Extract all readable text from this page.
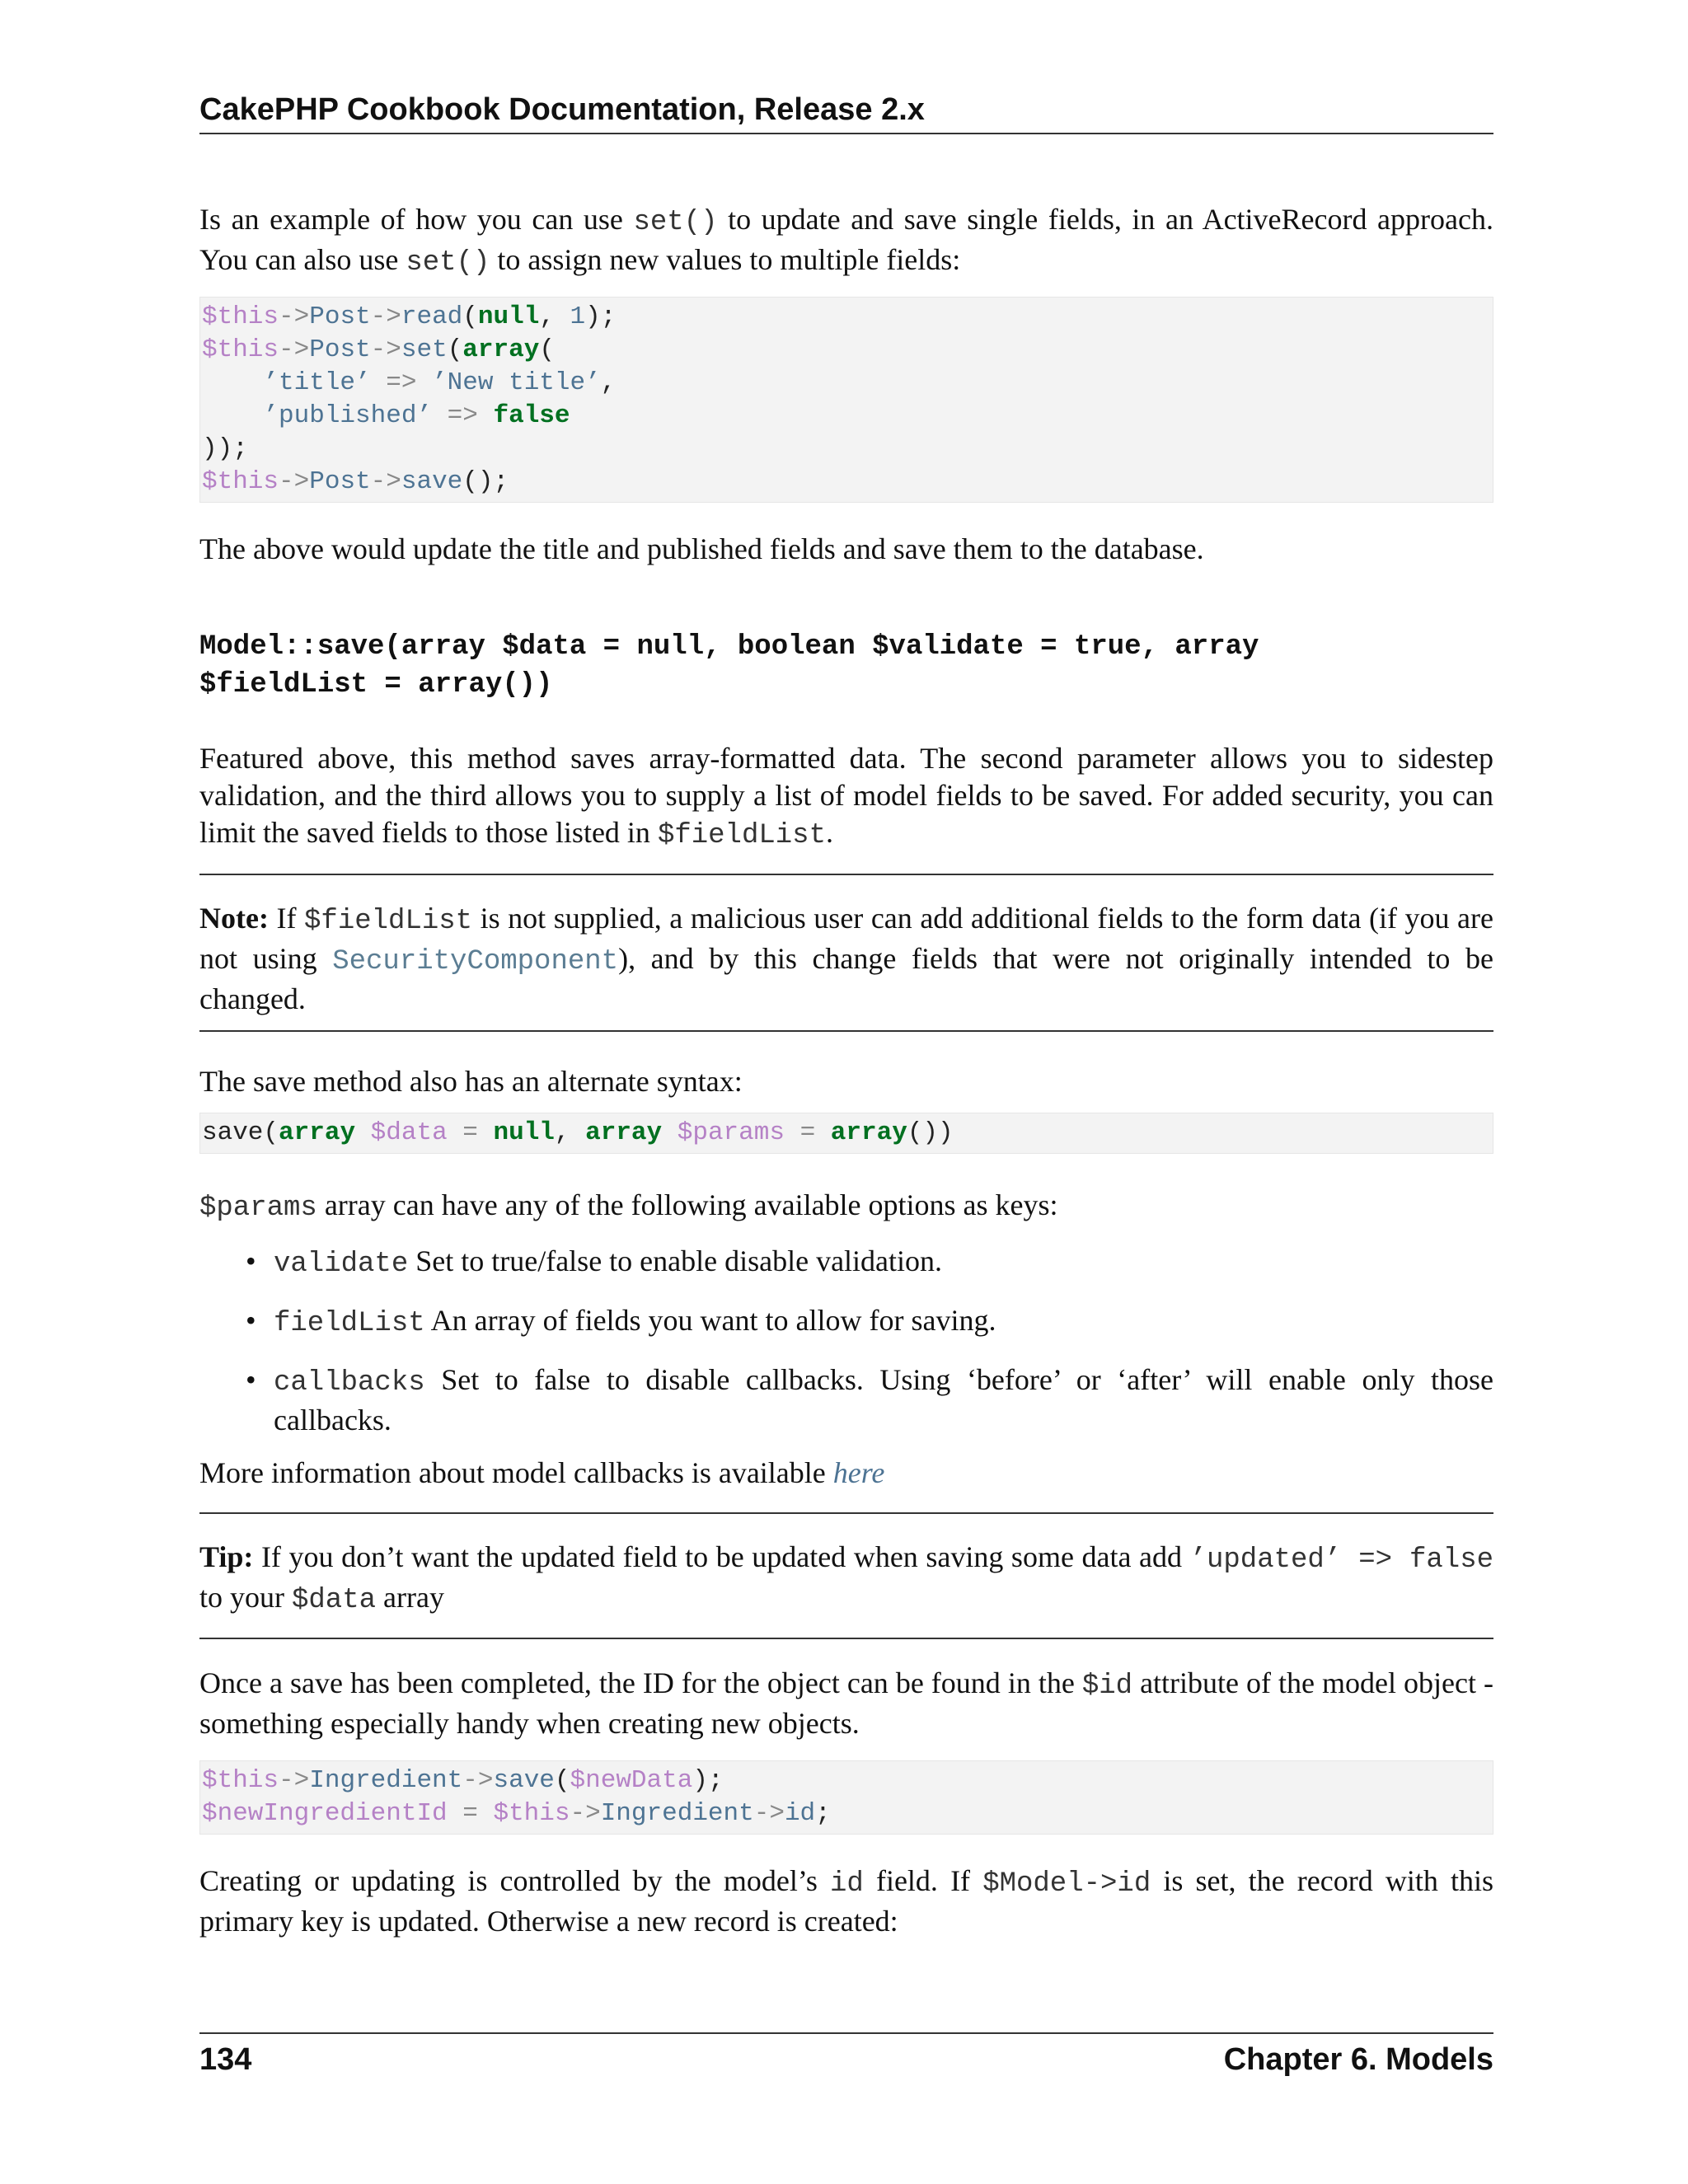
CakePHP Cookbook Documentation, Release 2.x

Is an example of how you can use set() to update and save single fields, in an ActiveRecord approach. You can also use set() to assign new values to multiple fields:

$this->Post->read(null, 1);
$this->Post->set(array(
’title’ => ’New title’,
’published’ => false
));
$this->Post->save();

The above would update the title and published fields and save them to the database.

Model::save(array $data = null, boolean $validate = true, array
$fieldList = array())

Featured above, this method saves array-formatted data. The second parameter allows you to sidestep validation, and the third allows you to supply a list of model fields to be saved. For added security, you can limit the saved fields to those listed in $fieldList.

Note: If $fieldList is not supplied, a malicious user can add additional fields to the form data (if you are not using SecurityComponent), and by this change fields that were not originally intended to be changed.

The save method also has an alternate syntax:

save(array $data = null, array $params = array())

$params array can have any of the following available options as keys:

• validate Set to true/false to enable disable validation.
• fieldList An array of fields you want to allow for saving.
• callbacks Set to false to disable callbacks. Using ‘before’ or ‘after’ will enable only those callbacks.

More information about model callbacks is available here

Tip: If you don’t want the updated field to be updated when saving some data add ’updated’ => false to your $data array

Once a save has been completed, the ID for the object can be found in the $id attribute of the model object - something especially handy when creating new objects.

$this->Ingredient->save($newData);
$newIngredientId = $this->Ingredient->id;

Creating or updating is controlled by the model’s id field. If $Model->id is set, the record with this primary key is updated. Otherwise a new record is created:

134	Chapter 6. Models
